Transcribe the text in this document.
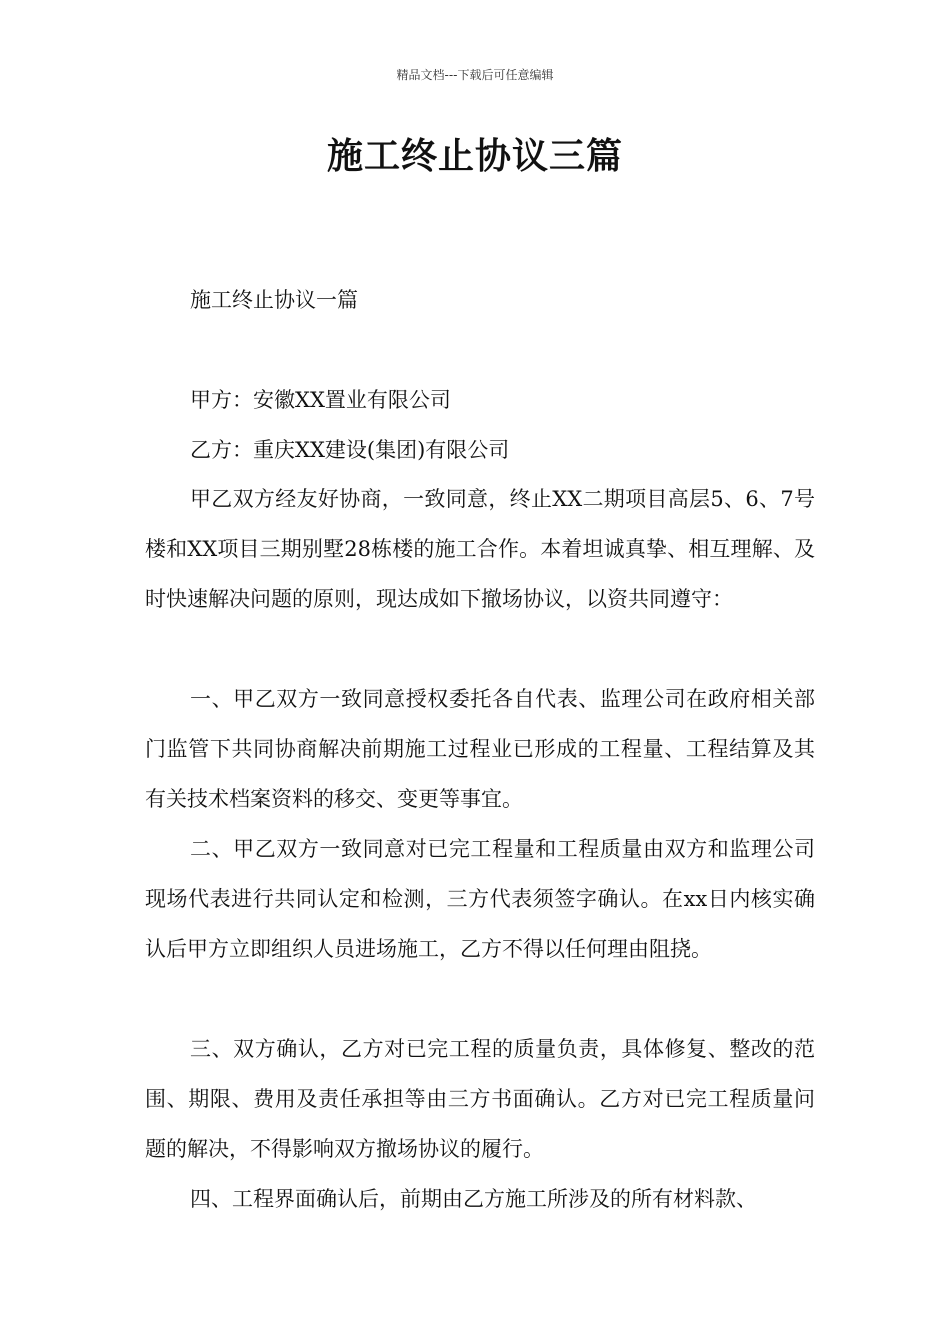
精品文档---下载后可任意编辑
施工终止协议三篇

施工终止协议一篇

甲方：安徽XX置业有限公司

乙方：重庆XX建设(集团)有限公司

甲乙双方经友好协商，一致同意，终止XX二期项目高层5、6、7号楼和XX项目三期别墅28栋楼的施工合作。本着坦诚真挚、相互理解、及时快速解决问题的原则，现达成如下撤场协议，以资共同遵守：

一、甲乙双方一致同意授权委托各自代表、监理公司在政府相关部门监管下共同协商解决前期施工过程业已形成的工程量、工程结算及其有关技术档案资料的移交、变更等事宜。

二、甲乙双方一致同意对已完工程量和工程质量由双方和监理公司现场代表进行共同认定和检测，三方代表须签字确认。在xx日内核实确认后甲方立即组织人员进场施工，乙方不得以任何理由阻挠。

三、双方确认，乙方对已完工程的质量负责，具体修复、整改的范围、期限、费用及责任承担等由三方书面确认。乙方对已完工程质量问题的解决，不得影响双方撤场协议的履行。

四、工程界面确认后，前期由乙方施工所涉及的所有材料款、
